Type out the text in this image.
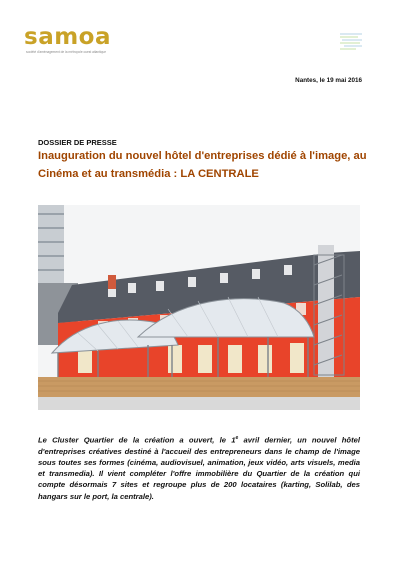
samoa
société d'aménagement de la métropole ouest atlantique
Nantes, le 19 mai 2016
DOSSIER DE PRESSE
Inauguration du nouvel hôtel d'entreprises dédié à l'image, au Cinéma et au transmédia : LA CENTRALE
Le Cluster Quartier de la création a ouvert, le 1e avril dernier, un nouvel hôtel d'entreprises créatives destiné à l'accueil des entrepreneurs dans le champ de l'image sous toutes ses formes (cinéma, audiovisuel, animation, jeux vidéo, arts visuels, media et transmedia). Il vient compléter l'offre immobilière du Quartier de la création qui compte désormais 7 sites et regroupe plus de 200 locataires (karting, Solilab, des hangars sur le port, la centrale).
